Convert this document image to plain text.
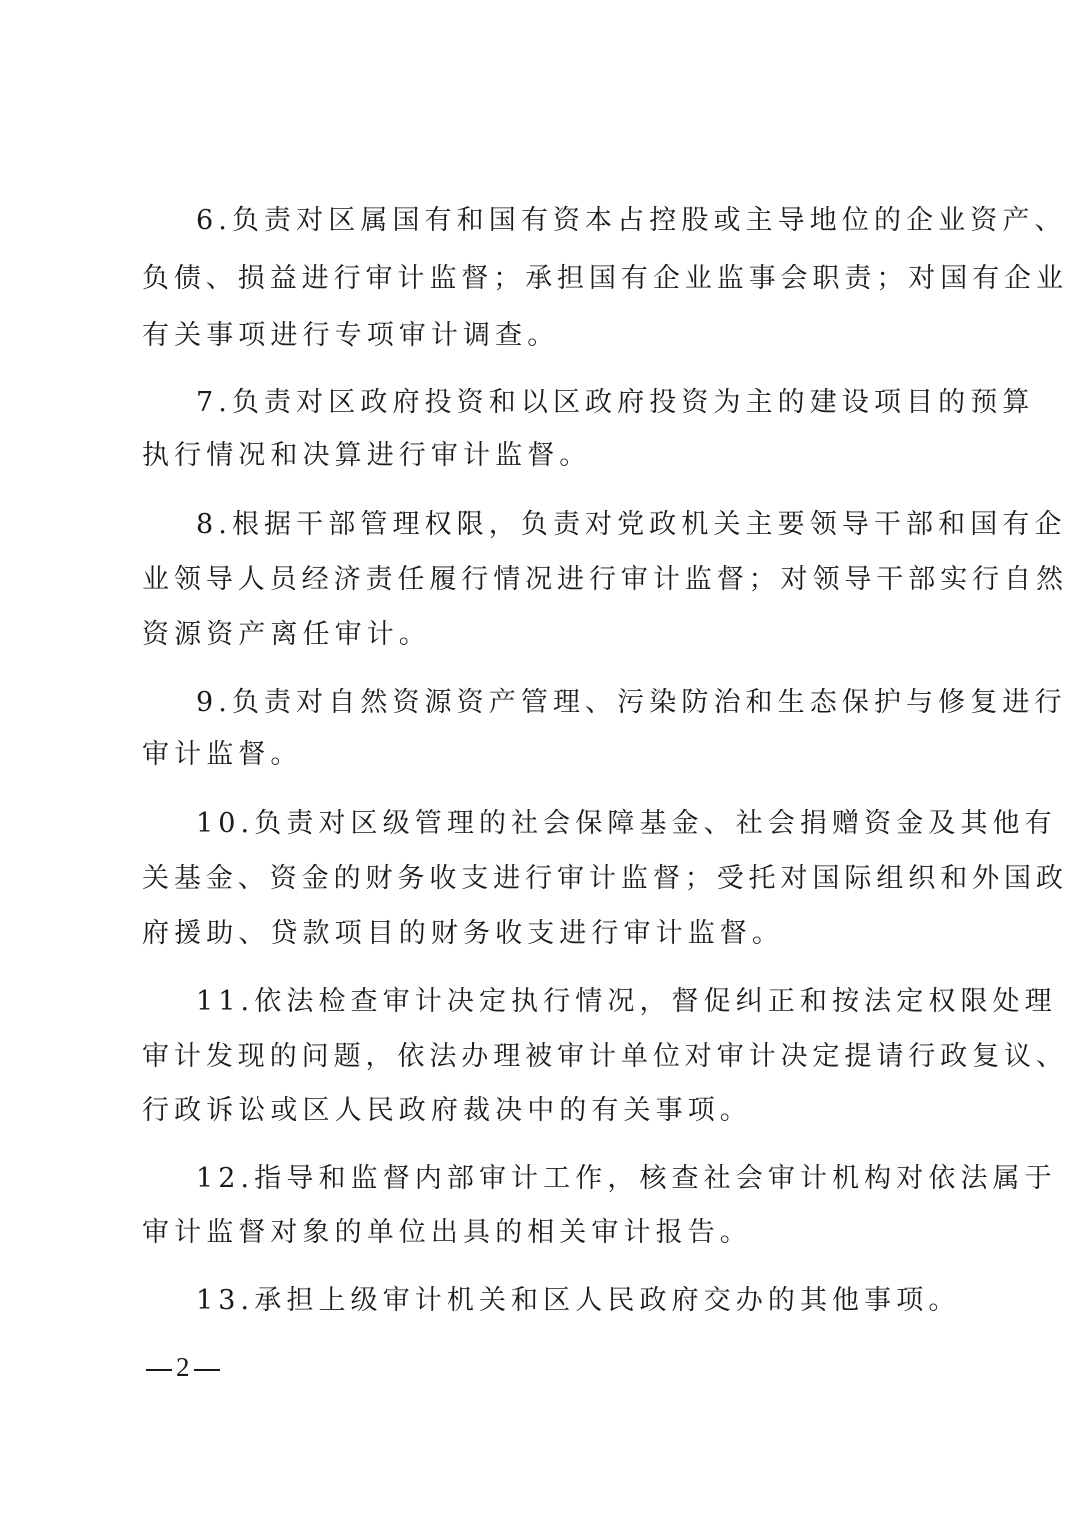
6.负责对区属国有和国有资本占控股或主导地位的企业资产、
负债、损益进行审计监督；承担国有企业监事会职责；对国有企业
有关事项进行专项审计调查。
7.负责对区政府投资和以区政府投资为主的建设项目的预算
执行情况和决算进行审计监督。
8.根据干部管理权限，负责对党政机关主要领导干部和国有企
业领导人员经济责任履行情况进行审计监督；对领导干部实行自然
资源资产离任审计。
9.负责对自然资源资产管理、污染防治和生态保护与修复进行
审计监督。
10.负责对区级管理的社会保障基金、社会捐赠资金及其他有
关基金、资金的财务收支进行审计监督；受托对国际组织和外国政
府援助、贷款项目的财务收支进行审计监督。
11.依法检查审计决定执行情况，督促纠正和按法定权限处理
审计发现的问题，依法办理被审计单位对审计决定提请行政复议、
行政诉讼或区人民政府裁决中的有关事项。
12.指导和监督内部审计工作，核查社会审计机构对依法属于
审计监督对象的单位出具的相关审计报告。
13.承担上级审计机关和区人民政府交办的其他事项。
2
